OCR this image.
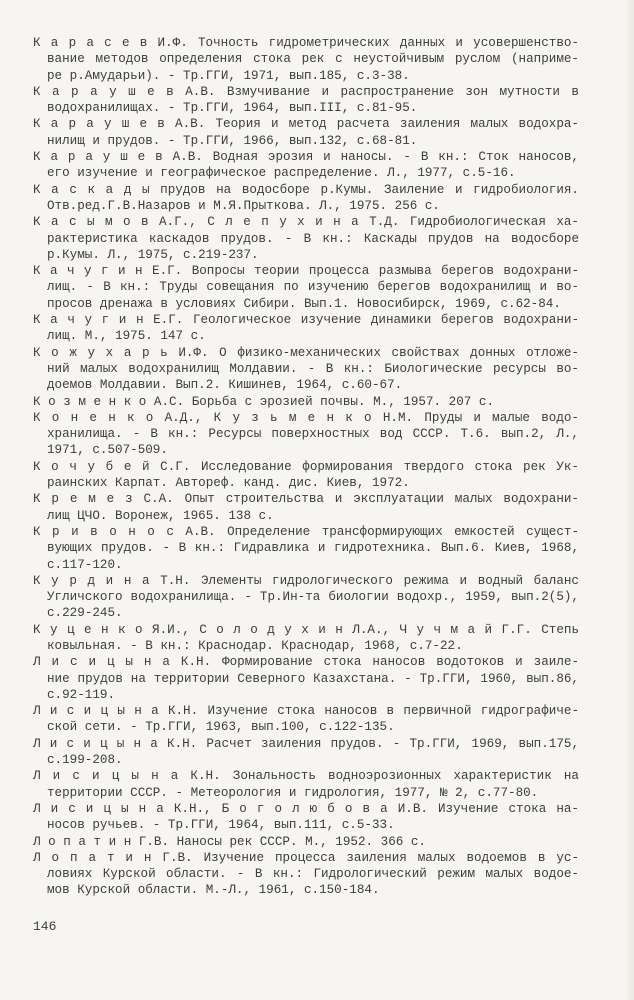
К а р а с е в И.Ф. Точность гидрометрических данных и усовершенство-
вание методов определения стока рек с неустойчивым руслом (наприме-
ре р.Амударьи). - Тр.ГГИ, 1971, вып.185, с.3-38.
К а р а у ш е в А.В. Взмучивание и распространение зон мутности в
водохранилищах. - Тр.ГГИ, 1964, вып.III, с.81-95.
К а р а у ш е в А.В. Теория и метод расчета заиления малых водохра-
нилищ и прудов. - Тр.ГГИ, 1966, вып.132, с.68-81.
К а р а у ш е в А.В. Водная эрозия и наносы. - В кн.: Сток наносов,
его изучение и географическое распределение. Л., 1977, с.5-16.
К а с к а д ы прудов на водосборе р.Кумы. Заиление и гидробиология.
Отв.ред.Г.В.Назаров и М.Я.Прыткова. Л., 1975. 256 с.
К а с ы м о в А.Г., С л е п у х и н а Т.Д. Гидробиологическая ха-
рактеристика каскадов прудов. - В кн.: Каскады прудов на водосборе
р.Кумы. Л., 1975, с.219-237.
К а ч у г и н Е.Г. Вопросы теории процесса размыва берегов водохрани-
лищ. - В кн.: Труды совещания по изучению берегов водохранилищ и во-
просов дренажа в условиях Сибири. Вып.1. Новосибирск, 1969, с.62-84.
К а ч у г и н Е.Г. Геологическое изучение динамики берегов водохрани-
лищ. М., 1975. 147 с.
К о ж у х а р ь И.Ф. О физико-механических свойствах донных отложе-
ний малых водохранилищ Молдавии. - В кн.: Биологические ресурсы во-
доемов Молдавии. Вып.2. Кишинев, 1964, с.60-67.
К о з м е н к о А.С. Борьба с эрозией почвы. М., 1957. 207 с.
К о н е н к о А.Д., К у з ь м е н к о Н.М. Пруды и малые водо-
хранилища. - В кн.: Ресурсы поверхностных вод СССР. Т.6. вып.2, Л.,
1971, с.507-509.
К о ч у б е й С.Г. Исследование формирования твердого стока рек Ук-
раинских Карпат. Автореф. канд. дис. Киев, 1972.
К р е м е з С.А. Опыт строительства и эксплуатации малых водохрани-
лищ ЦЧО. Воронеж, 1965. 138 с.
К р и в о н о с А.В. Определение транcформирующих емкостей сущест-
вующих прудов. - В кн.: Гидравлика и гидротехника. Вып.6. Киев, 1968,
с.117-120.
К у р д и н а Т.Н. Элементы гидрологического режима и водный баланс
Угличского водохранилища. - Тр.Ин-та биологии водохр., 1959, вып.2(5),
с.229-245.
К у ц е н к о Я.И., С о л о д у х и н Л.А., Ч у ч м а й Г.Г. Степь
ковыльная. - В кн.: Краснодар. Краснодар, 1968, с.7-22.
Л и с и ц ы н а К.Н. Формирование стока наносов водотоков и заиле-
ние прудов на территории Северного Казахстана. - Тр.ГГИ, 1960, вып.86,
с.92-119.
Л и с и ц ы н а К.Н. Изучение стока наносов в первичной гидрографиче-
ской сети. - Тр.ГГИ, 1963, вып.100, с.122-135.
Л и с и ц ы н а К.Н. Расчет заиления прудов. - Тр.ГГИ, 1969, вып.175,
с.199-208.
Л и с и ц ы н а К.Н. Зональность водноэрозионных характеристик на
территории СССР. - Метеорология и гидрология, 1977, № 2, с.77-80.
Л и с и ц ы н а К.Н., Б о г о л ю б о в а И.В. Изучение стока на-
носов ручьев. - Тр.ГГИ, 1964, вып.111, с.5-33.
Л о п а т и н Г.В. Наносы рек СССР. М., 1952. 366 с.
Л о п а т и н Г.В. Изучение процесса заиления малых водоемов в ус-
ловиях Курской области. - В кн.: Гидрологический режим малых водое-
мов Курской области. М.-Л., 1961, с.150-184.
146
